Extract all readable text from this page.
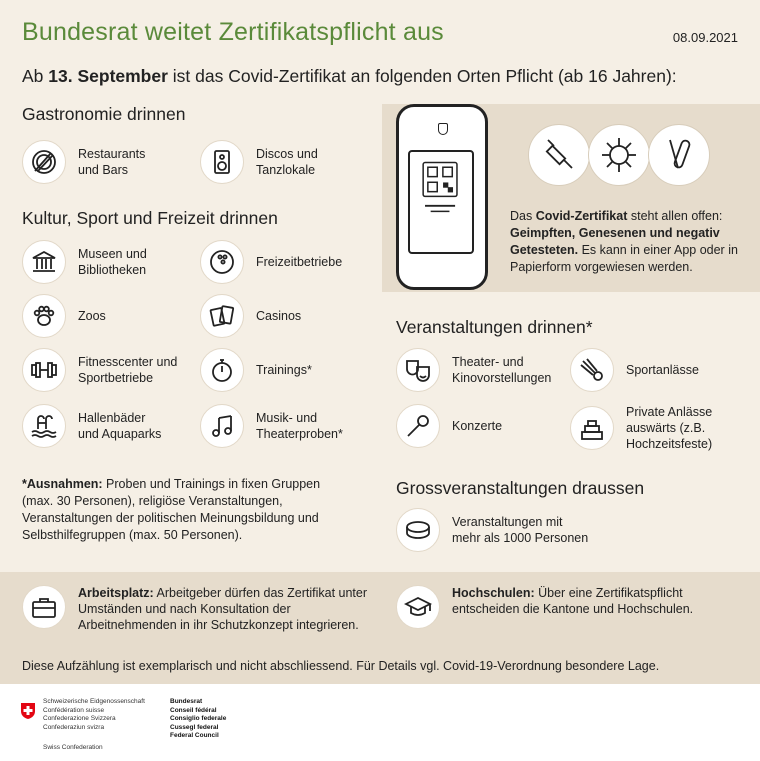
Bundesrat weitet Zertifikatspflicht aus	08.09.2021
Ab 13. September ist das Covid-Zertifikat an folgenden Orten Pflicht (ab 16 Jahren):
Gastronomie drinnen
Restaurants
und Bars
Discos und
Tanzlokale
Kultur, Sport und Freizeit drinnen
Museen und
Bibliotheken
Freizeitbetriebe
Zoos	Casinos
Fitnesscenter und
Sportbetriebe
Trainings*
Hallenbäder
und Aquaparks
Musik- und
Theaterproben*
*Ausnahmen: Proben und Trainings in fixen Gruppen (max. 30 Personen), religiöse Veranstaltungen, Veranstaltungen der politischen Meinungsbildung und Selbsthilfegruppen (max. 50 Personen).
Das Covid-Zertifikat steht allen offen: Geimpften, Genesenen und negativ Getesteten. Es kann in einer App oder in Papierform vorgewiesen werden.
Veranstaltungen drinnen*
Theater- und
Kinovorstellungen
Sportanlässe
Konzerte
Private Anlässe
auswärts (z.B.
Hochzeitsfeste)
Grossveranstaltungen draussen
Veranstaltungen mit
mehr als 1000 Personen
Arbeitsplatz: Arbeitgeber dürfen das Zertifikat unter Umständen und nach Konsultation der Arbeitnehmenden in ihr Schutzkonzept integrieren.
Hochschulen: Über eine Zertifikatspflicht entscheiden die Kantone und Hochschulen.
Diese Aufzählung ist exemplarisch und nicht abschliessend. Für Details vgl. Covid-19-Verordnung besondere Lage.
Schweizerische Eidgenossenschaft
Confédération suisse
Confederazione Svizzera
Confederaziun svizra
Bundesrat
Conseil fédéral
Consiglio federale
Cussegl federal
Federal Council
Swiss Confederation
